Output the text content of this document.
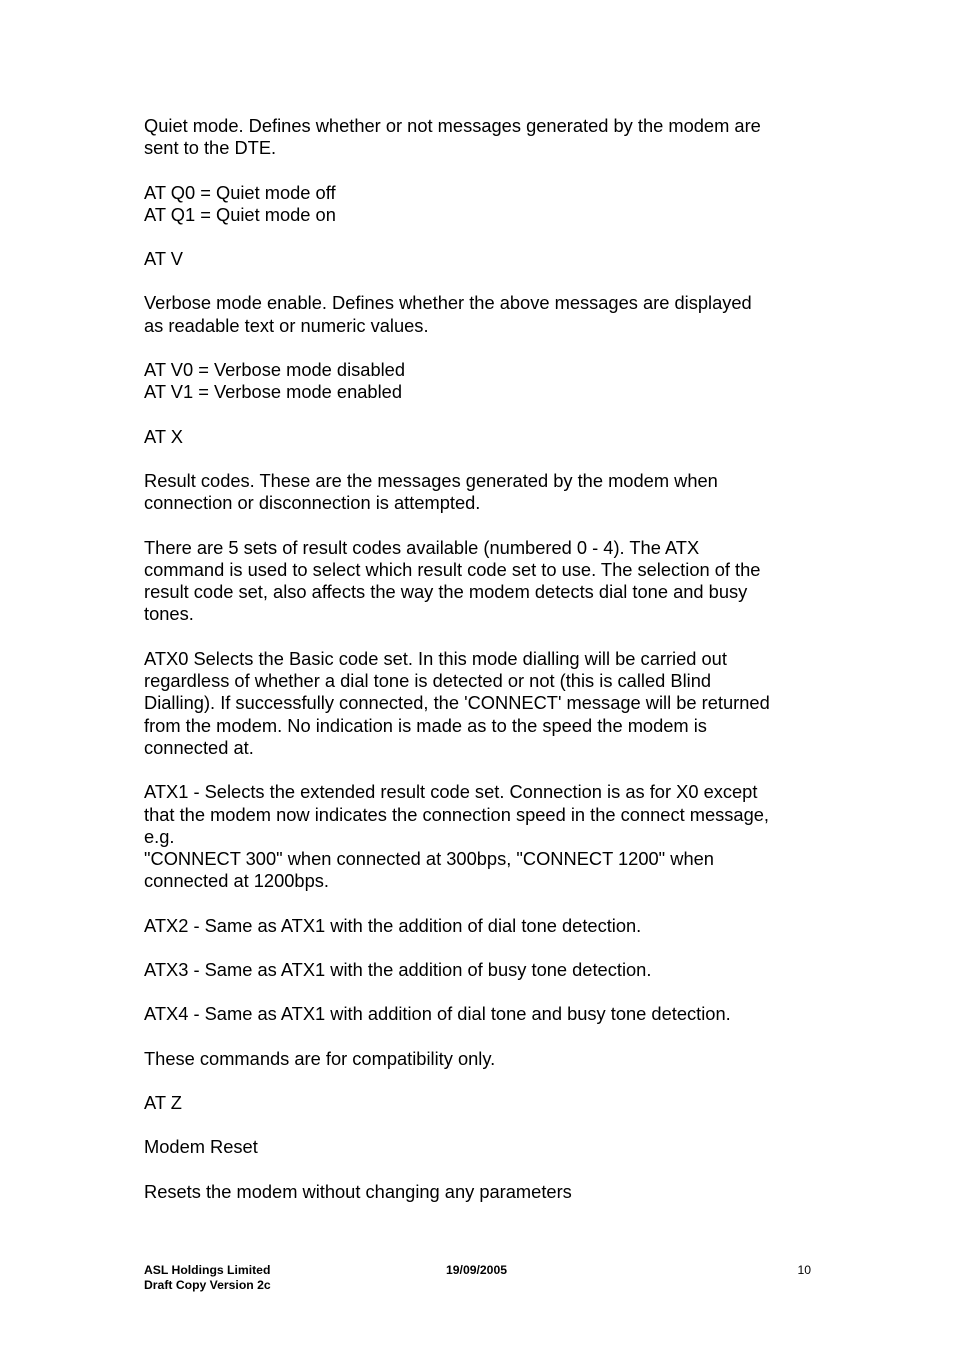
Quiet mode. Defines whether or not messages generated by the modem are
sent to the DTE.

AT Q0 = Quiet mode off
AT Q1 = Quiet mode on

AT V

Verbose mode enable. Defines whether the above messages are displayed
as readable text or numeric values.

AT V0 = Verbose mode disabled
AT V1 = Verbose mode enabled

AT X

Result codes. These are the messages generated by the modem when
connection or disconnection is attempted.

There are 5 sets of result codes available (numbered 0 - 4). The ATX
command is used to select which result code set to use. The selection of the
result code set, also affects the way the modem detects dial tone and busy
tones.

ATX0 Selects the Basic code set. In this mode dialling will be carried out
regardless of whether a dial tone is detected or not (this is called Blind
Dialling). If successfully connected, the 'CONNECT' message will be returned
from the modem. No indication is made as to the speed the modem is
connected at.

ATX1 - Selects the extended result code set. Connection is as for X0 except
that the modem now indicates the connection speed in the connect message,
e.g.
"CONNECT 300" when connected at 300bps, "CONNECT 1200" when
connected at 1200bps.

ATX2 - Same as ATX1 with the addition of dial tone detection.

ATX3 - Same as ATX1 with the addition of busy tone detection.

ATX4 - Same as ATX1 with addition of dial tone and busy tone detection.

These commands are for compatibility only.

AT Z

Modem Reset

Resets the modem without changing any parameters

ASL Holdings Limited
Draft Copy Version 2c
19/09/2005	10
